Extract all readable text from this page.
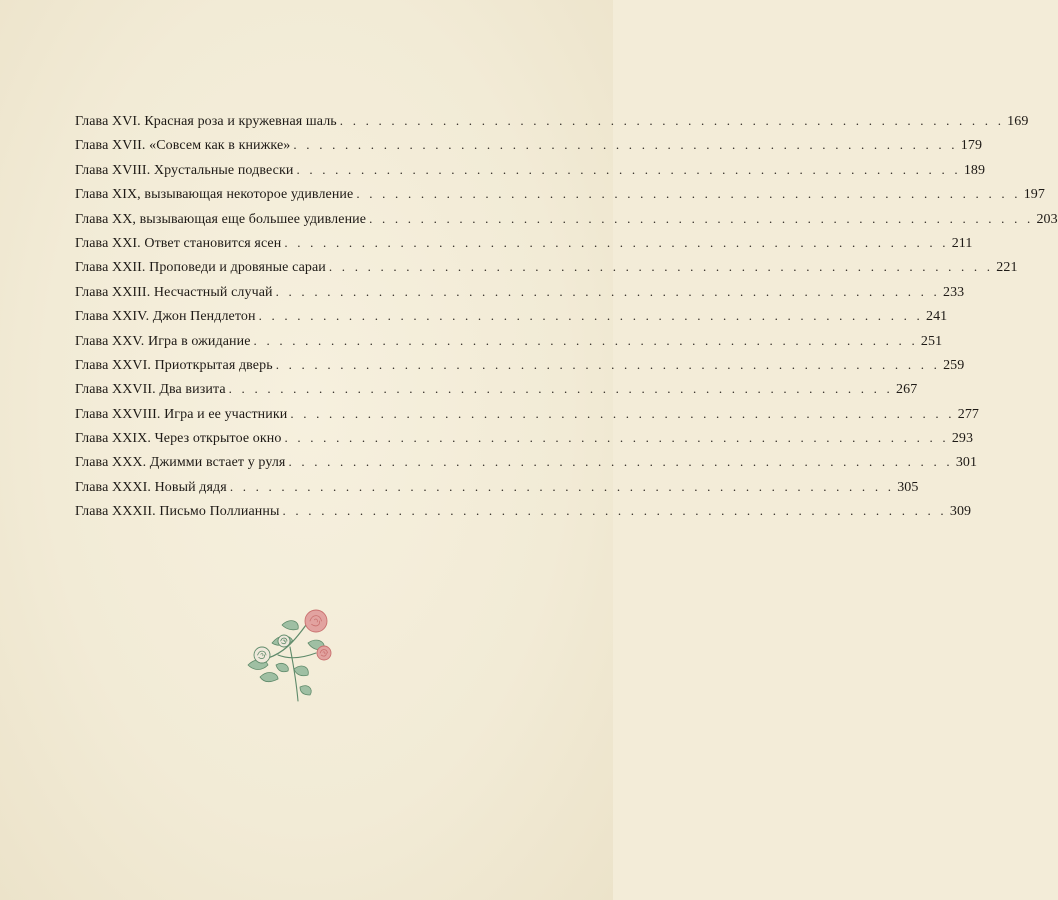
Глава XVI. Красная роза и кружевная шаль . . . . . . . . . . . . . . . . . . . . . . . . . . . . . . . . . . . . . . . . . . . . . . . . . . . . 169
Глава XVII. «Совсем как в книжке» . . . . . . . . . . . . . . . . . . . . . . . . . . . . . . . . . . . . . . . . . . . . . . . . . . . . 179
Глава XVIII. Хрустальные подвески . . . . . . . . . . . . . . . . . . . . . . . . . . . . . . . . . . . . . . . . . . . . . . . . . . . . 189
Глава XIX, вызывающая некоторое удивление . . . . . . . . . . . . . . . . . . . . . . . . . . . . . . . . . . . . . . . . . . . . . . . . . . . . 197
Глава XX, вызывающая еще большее удивление . . . . . . . . . . . . . . . . . . . . . . . . . . . . . . . . . . . . . . . . . . . . . . . . . . . . 203
Глава XXI. Ответ становится ясен . . . . . . . . . . . . . . . . . . . . . . . . . . . . . . . . . . . . . . . . . . . . . . . . . . . . 211
Глава XXII. Проповеди и дровяные сараи . . . . . . . . . . . . . . . . . . . . . . . . . . . . . . . . . . . . . . . . . . . . . . . . . . . . 221
Глава XXIII. Несчастный случай . . . . . . . . . . . . . . . . . . . . . . . . . . . . . . . . . . . . . . . . . . . . . . . . . . . . 233
Глава XXIV. Джон Пендлетон . . . . . . . . . . . . . . . . . . . . . . . . . . . . . . . . . . . . . . . . . . . . . . . . . . . . 241
Глава XXV. Игра в ожидание . . . . . . . . . . . . . . . . . . . . . . . . . . . . . . . . . . . . . . . . . . . . . . . . . . . . 251
Глава XXVI. Приоткрытая дверь . . . . . . . . . . . . . . . . . . . . . . . . . . . . . . . . . . . . . . . . . . . . . . . . . . . . 259
Глава XXVII. Два визита . . . . . . . . . . . . . . . . . . . . . . . . . . . . . . . . . . . . . . . . . . . . . . . . . . . . 267
Глава XXVIII. Игра и ее участники . . . . . . . . . . . . . . . . . . . . . . . . . . . . . . . . . . . . . . . . . . . . . . . . . . . . 277
Глава XXIX. Через открытое окно . . . . . . . . . . . . . . . . . . . . . . . . . . . . . . . . . . . . . . . . . . . . . . . . . . . . 293
Глава XXX. Джимми встает у руля . . . . . . . . . . . . . . . . . . . . . . . . . . . . . . . . . . . . . . . . . . . . . . . . . . . . 301
Глава XXXI. Новый дядя . . . . . . . . . . . . . . . . . . . . . . . . . . . . . . . . . . . . . . . . . . . . . . . . . . . . 305
Глава XXXII. Письмо Поллианны . . . . . . . . . . . . . . . . . . . . . . . . . . . . . . . . . . . . . . . . . . . . . . . . . . . . 309
